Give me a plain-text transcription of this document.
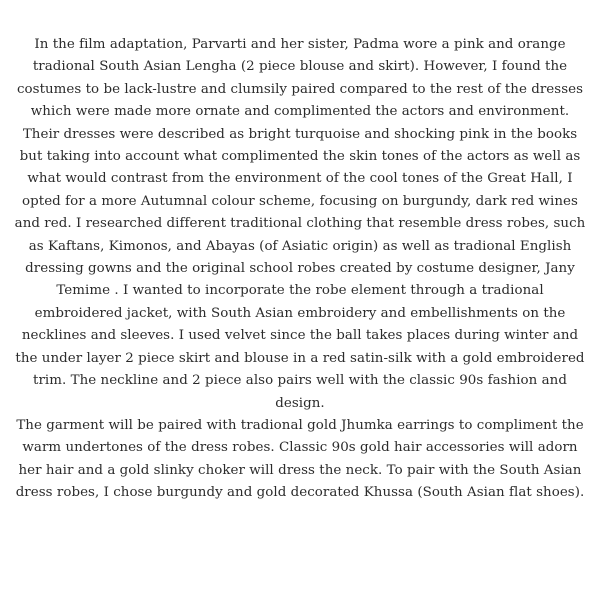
In the film adaptation, Parvarti and her sister, Padma wore a pink and orange tradional South Asian Lengha (2 piece blouse and skirt). However, I found the costumes to be lack-lustre and clumsily paired compared to the rest of the dresses which were made more ornate and complimented the actors and environment. Their dresses were described as bright turquoise and shocking pink in the books but taking into account what complimented the skin tones of the actors as well as what would contrast from the environment of the cool tones of the Great Hall, I opted for a more Autumnal colour scheme, focusing on burgundy, dark red wines and red. I researched different traditional clothing that resemble dress robes, such as Kaftans, Kimonos, and Abayas (of Asiatic origin) as well as tradional English dressing gowns and the original school robes created by costume designer, Jany Temime . I wanted to incorporate the robe element through a tradional embroidered jacket, with South Asian embroidery and embellishments on the necklines and sleeves. I used velvet since the ball takes places during winter and the under layer 2 piece skirt and blouse in a red satin-silk with a gold embroidered trim. The neckline and 2 piece also pairs well with the classic 90s fashion and design.

The garment will be paired with tradional gold Jhumka earrings to compliment the warm undertones of the dress robes. Classic 90s gold hair accessories will adorn her hair and a gold slinky choker will dress the neck. To pair with the South Asian dress robes, I chose burgundy and gold decorated Khussa (South Asian flat shoes).
